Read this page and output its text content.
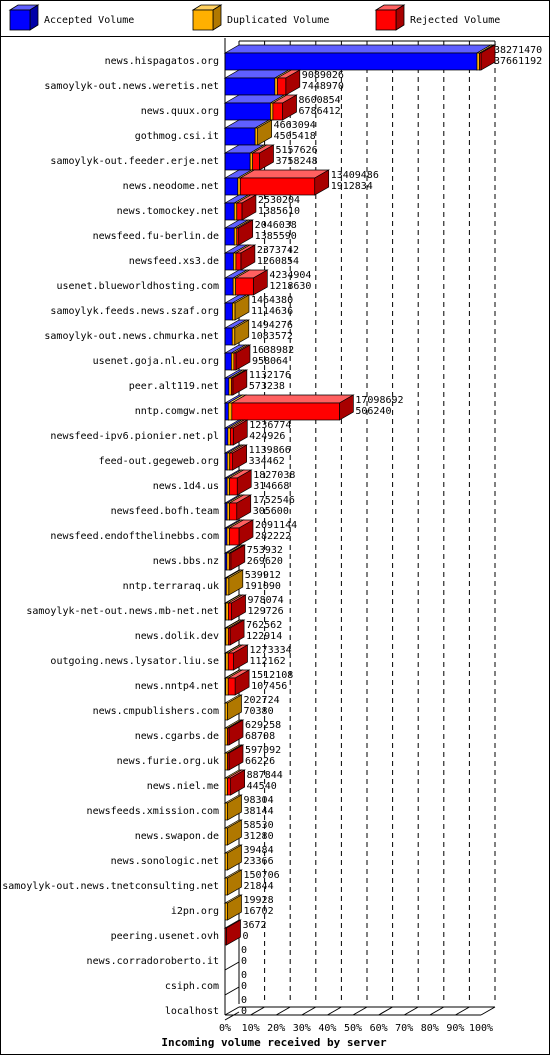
Accepted Volume	Duplicated Volume	Rejected Volume
news.hispagatos.org
38271470
37661192
samoylyk-out.news.weretis.net
9089026
7448970
news.quux.org
8600854
6786412
gothmog.csi.it
4663094
4505418
samoylyk-out.feeder.erje.net
5157626
3758248
news.neodome.net
13409486
1912834
news.tomockey.net
2530204
1385610
newsfeed.fu-berlin.de
2046038
1385590
newsfeed.xs3.de
2373742
1260854
usenet.blueworldhosting.com
4234904
1218630
samoylyk.feeds.news.szaf.org
1464380
1114636
samoylyk-out.news.chmurka.net
1494276
1083572
usenet.goja.nl.eu.org
1638982
958064
peer.alt119.net
1132176
573238
nntp.comgw.net
17098692
506240
newsfeed-ipv6.pionier.net.pl
1236774
424926
feed-out.gegeweb.org
1139866
334462
news.1d4.us
1827038
314668
newsfeed.bofh.team
1752546
305600
newsfeed.endofthelinebbs.com
2091144
282222
news.bbs.nz
753932
269620
nntp.terraraq.uk
539912
191090
samoylyk-net-out.news.mb-net.net
978074
129726
news.dolik.dev
762562
122914
outgoing.news.lysator.liu.se
1273334
112162
news.nntp4.net
1512108
107456
news.cmpublishers.com
202724
70380
news.cgarbs.de
629258
68708
news.furie.org.uk
597092
66226
news.niel.me
887844
44540
newsfeeds.xmission.com
98304
38144
news.swapon.de
58530
31280
news.sonologic.net
39484
23366
samoylyk-out.news.tnetconsulting.net
150706
21844
i2pn.org
19928
16702
peering.usenet.ovh
3672
0
news.corradoroberto.it
0
0
csiph.com
0
0
localhost
0
0
0% 10% 20% 30% 40% 50% 60% 70% 80% 90% 100%
Incoming volume received by server
